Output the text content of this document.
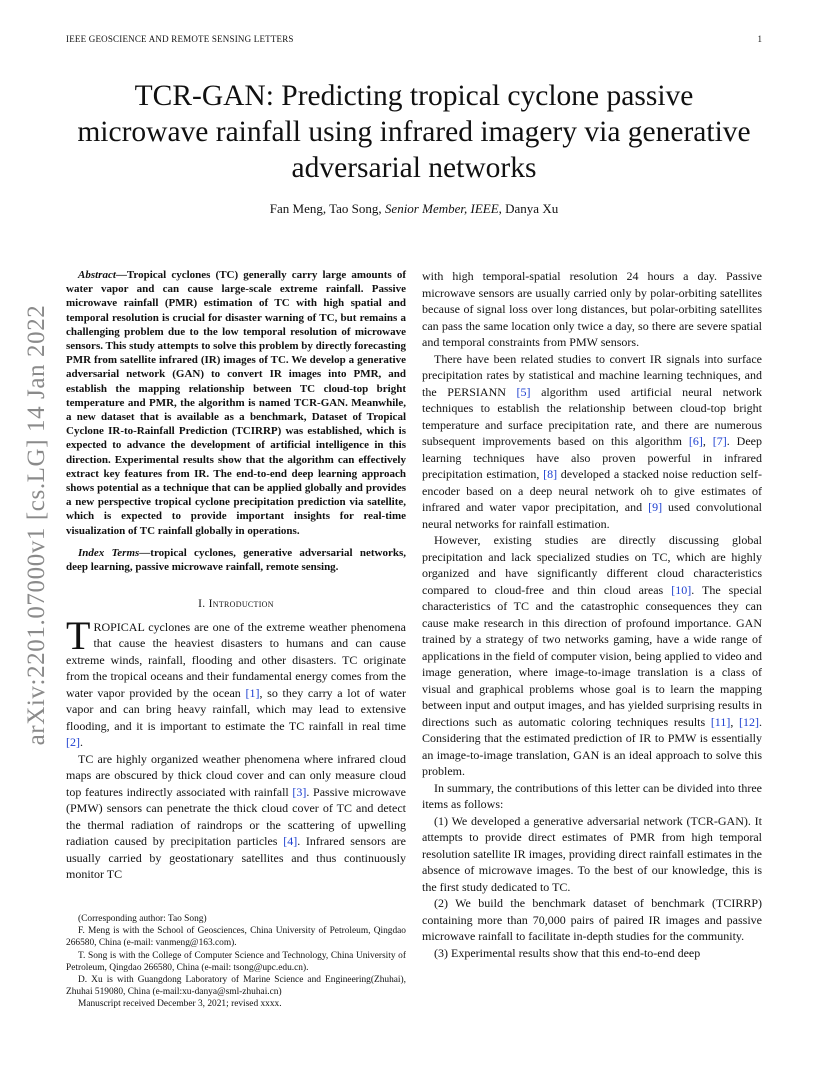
IEEE GEOSCIENCE AND REMOTE SENSING LETTERS	1
arXiv:2201.07000v1 [cs.LG] 14 Jan 2022
TCR-GAN: Predicting tropical cyclone passive microwave rainfall using infrared imagery via generative adversarial networks
Fan Meng, Tao Song, Senior Member, IEEE, Danya Xu

Abstract—Tropical cyclones (TC) generally carry large amounts of water vapor and can cause large-scale extreme rainfall. Passive microwave rainfall (PMR) estimation of TC with high spatial and temporal resolution is crucial for disaster warning of TC, but remains a challenging problem due to the low temporal resolution of microwave sensors. This study attempts to solve this problem by directly forecasting PMR from satellite infrared (IR) images of TC. We develop a generative adversarial network (GAN) to convert IR images into PMR, and establish the mapping relationship between TC cloud-top bright temperature and PMR, the algorithm is named TCR-GAN. Meanwhile, a new dataset that is available as a benchmark, Dataset of Tropical Cyclone IR-to-Rainfall Prediction (TCIRRP) was established, which is expected to advance the development of artificial intelligence in this direction. Experimental results show that the algorithm can effectively extract key features from IR. The end-to-end deep learning approach shows potential as a technique that can be applied globally and provides a new perspective tropical cyclone precipitation prediction via satellite, which is expected to provide important insights for real-time visualization of TC rainfall globally in operations.

Index Terms—tropical cyclones, generative adversarial networks, deep learning, passive microwave rainfall, remote sensing.

I. Introduction

TROPICAL cyclones are one of the extreme weather phenomena that cause the heaviest disasters to humans and can cause extreme winds, rainfall, flooding and other disasters. TC originate from the tropical oceans and their fundamental energy comes from the water vapor provided by the ocean [1], so they carry a lot of water vapor and can bring heavy rainfall, which may lead to extensive flooding, and it is important to estimate the TC rainfall in real time [2].

TC are highly organized weather phenomena where infrared cloud maps are obscured by thick cloud cover and can only measure cloud top features indirectly associated with rainfall [3]. Passive microwave (PMW) sensors can penetrate the thick cloud cover of TC and detect the thermal radiation of raindrops or the scattering of upwelling radiation caused by precipitation particles [4]. Infrared sensors are usually carried by geostationary satellites and thus continuously monitor TC

(Corresponding author: Tao Song)

F. Meng is with the School of Geosciences, China University of Petroleum, Qingdao 266580, China (e-mail: vanmeng@163.com).

T. Song is with the College of Computer Science and Technology, China University of Petroleum, Qingdao 266580, China (e-mail: tsong@upc.edu.cn).

D. Xu is with Guangdong Laboratory of Marine Science and Engineering(Zhuhai), Zhuhai 519080, China (e-mail:xu-danya@sml-zhuhai.cn)

Manuscript received December 3, 2021; revised xxxx.

with high temporal-spatial resolution 24 hours a day. Passive microwave sensors are usually carried only by polar-orbiting satellites because of signal loss over long distances, but polar-orbiting satellites can pass the same location only twice a day, so there are severe spatial and temporal constraints from PMW sensors.

There have been related studies to convert IR signals into surface precipitation rates by statistical and machine learning techniques, and the PERSIANN [5] algorithm used artificial neural network techniques to establish the relationship between cloud-top bright temperature and surface precipitation rate, and there are numerous subsequent improvements based on this algorithm [6], [7]. Deep learning techniques have also proven powerful in infrared precipitation estimation, [8] developed a stacked noise reduction self-encoder based on a deep neural network oh to give estimates of infrared and water vapor precipitation, and [9] used convolutional neural networks for rainfall estimation.

However, existing studies are directly discussing global precipitation and lack specialized studies on TC, which are highly organized and have significantly different cloud characteristics compared to cloud-free and thin cloud areas [10]. The special characteristics of TC and the catastrophic consequences they can cause make research in this direction of profound importance. GAN trained by a strategy of two networks gaming, have a wide range of applications in the field of computer vision, being applied to video and image generation, where image-to-image translation is a class of visual and graphical problems whose goal is to learn the mapping between input and output images, and has yielded surprising results in directions such as automatic coloring techniques results [11], [12]. Considering that the estimated prediction of IR to PMW is essentially an image-to-image translation, GAN is an ideal approach to solve this problem.

In summary, the contributions of this letter can be divided into three items as follows:

(1) We developed a generative adversarial network (TCR-GAN). It attempts to provide direct estimates of PMR from high temporal resolution satellite IR images, providing direct rainfall estimates in the absence of microwave images. To the best of our knowledge, this is the first study dedicated to TC.

(2) We build the benchmark dataset of benchmark (TCIRRP) containing more than 70,000 pairs of paired IR images and passive microwave rainfall to facilitate in-depth studies for the community.

(3) Experimental results show that this end-to-end deep
